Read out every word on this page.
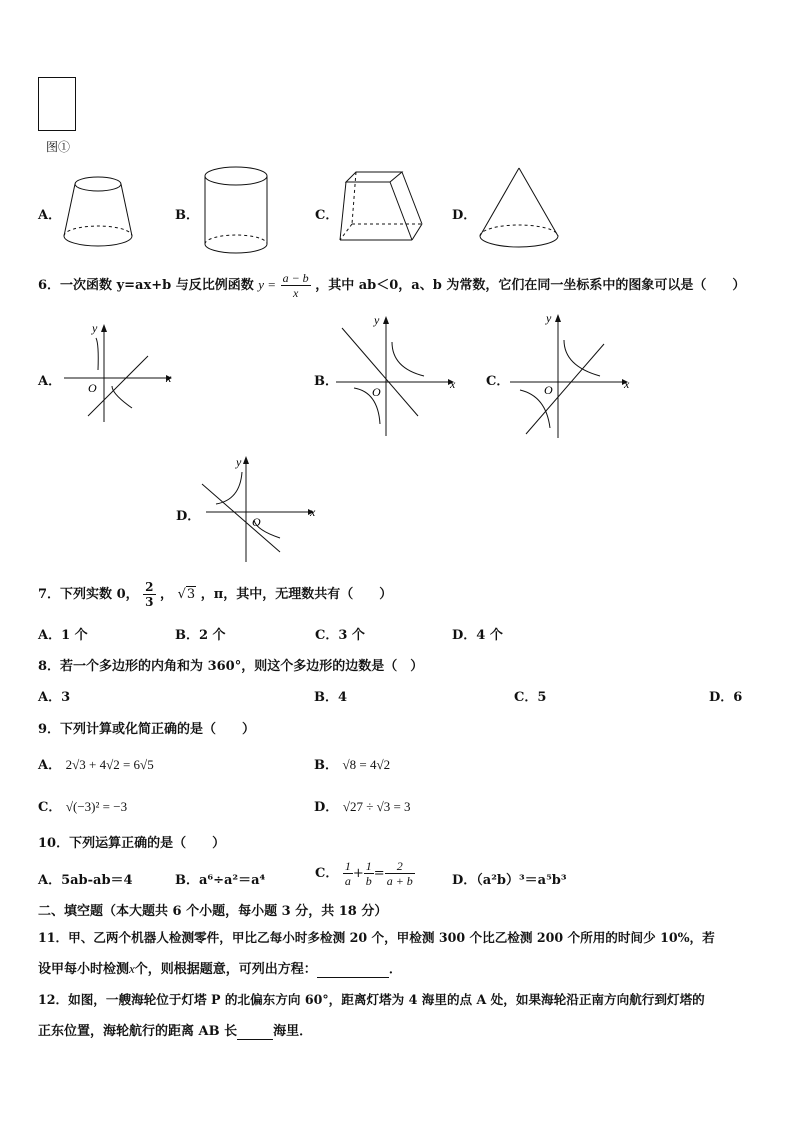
图①
A．	B．	C．	D．
6．一次函数 y=ax+b 与反比例函数 $y = \frac{a - b}{x}$ ，其中 ab＜0，a、b 为常数，它们在同一坐标系中的图象可以是（　　）
A．	x
y
O	B．	x
y
O
C．	x
y
O
D．	x
y
O
7．下列实数 0， $\frac{2}{3}$ ， √3 ，π，其中，无理数共有（　　）
A．1 个	B．2 个	C．3 个	D．4 个
8．若一个多边形的内角和为 360°，则这个多边形的边数是（　）
A．3	B．4	C．5	D．6
9．下列计算或化简正确的是（　　）
A． 2√3 + 4√2 = 6√5	B． √8 = 4√2
C． √(−3)² = −3	D． √27 ÷ √3 = 3
10．下列运算正确的是（　　）
A．5ab-ab＝4	B．a⁶÷a²＝a⁴	C． $\frac{1}{a} + \frac{1}{b} = \frac{2}{a + b}$	D．（a²b）³＝a⁵b³
二、填空题（本大题共 6 个小题，每小题 3 分，共 18 分）
11．甲、乙两个机器人检测零件，甲比乙每小时多检测 20 个，甲检测 300 个比乙检测 200 个所用的时间少 10%，若
设甲每小时检测x个，则根据题意，可列出方程：	．
12．如图，一艘海轮位于灯塔 P 的北偏东方向 60°，距离灯塔为 4 海里的点 A 处，如果海轮沿正南方向航行到灯塔的
正东位置，海轮航行的距离 AB 长	海里．
